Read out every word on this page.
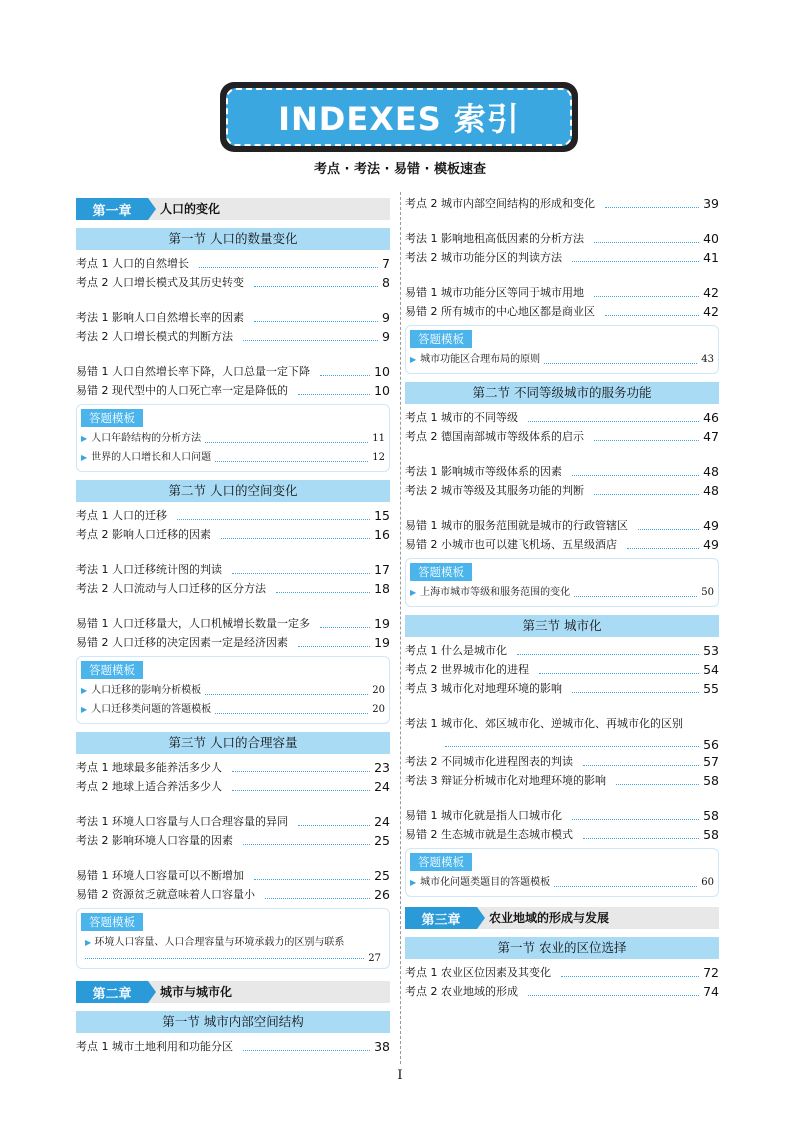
INDEXES 索引
考点 · 考法 · 易错 · 模板速查
第一章	人口的变化
第一节 人口的数量变化
考点 1 人口的自然增长	7
考点 2 人口增长模式及其历史转变	8
考法 1 影响人口自然增长率的因素	9
考法 2 人口增长模式的判断方法	9
易错 1 人口自然增长率下降，人口总量一定下降	10
易错 2 现代型中的人口死亡率一定是降低的	10
答题模板
▶ 人口年龄结构的分析方法	11
▶ 世界的人口增长和人口问题	12
第二节 人口的空间变化
考点 1 人口的迁移	15
考点 2 影响人口迁移的因素	16
考法 1 人口迁移统计图的判读	17
考法 2 人口流动与人口迁移的区分方法	18
易错 1 人口迁移量大，人口机械增长数量一定多	19
易错 2 人口迁移的决定因素一定是经济因素	19
答题模板
▶ 人口迁移的影响分析模板	20
▶ 人口迁移类问题的答题模板	20
第三节 人口的合理容量
考点 1 地球最多能养活多少人	23
考点 2 地球上适合养活多少人	24
考法 1 环境人口容量与人口合理容量的异同	24
考法 2 影响环境人口容量的因素	25
易错 1 环境人口容量可以不断增加	25
易错 2 资源贫乏就意味着人口容量小	26
答题模板
▶ 环境人口容量、人口合理容量与环境承载力的区别与联系
27
第二章	城市与城市化
第一节 城市内部空间结构
考点 1 城市土地利用和功能分区	38
考点 2 城市内部空间结构的形成和变化	39
考法 1 影响地租高低因素的分析方法	40
考法 2 城市功能分区的判读方法	41
易错 1 城市功能分区等同于城市用地	42
易错 2 所有城市的中心地区都是商业区	42
答题模板
▶ 城市功能区合理布局的原则	43
第二节 不同等级城市的服务功能
考点 1 城市的不同等级	46
考点 2 德国南部城市等级体系的启示	47
考法 1 影响城市等级体系的因素	48
考法 2 城市等级及其服务功能的判断	48
易错 1 城市的服务范围就是城市的行政管辖区	49
易错 2 小城市也可以建飞机场、五星级酒店	49
答题模板
▶ 上海市城市等级和服务范围的变化	50
第三节 城市化
考点 1 什么是城市化	53
考点 2 世界城市化的进程	54
考点 3 城市化对地理环境的影响	55
考法 1 城市化、郊区城市化、逆城市化、再城市化的区别
56
考法 2 不同城市化进程图表的判读	57
考法 3 辩证分析城市化对地理环境的影响	58
易错 1 城市化就是指人口城市化	58
易错 2 生态城市就是生态城市模式	58
答题模板
▶ 城市化问题类题目的答题模板	60
第三章	农业地域的形成与发展
第一节 农业的区位选择
考点 1 农业区位因素及其变化	72
考点 2 农业地域的形成	74
I
